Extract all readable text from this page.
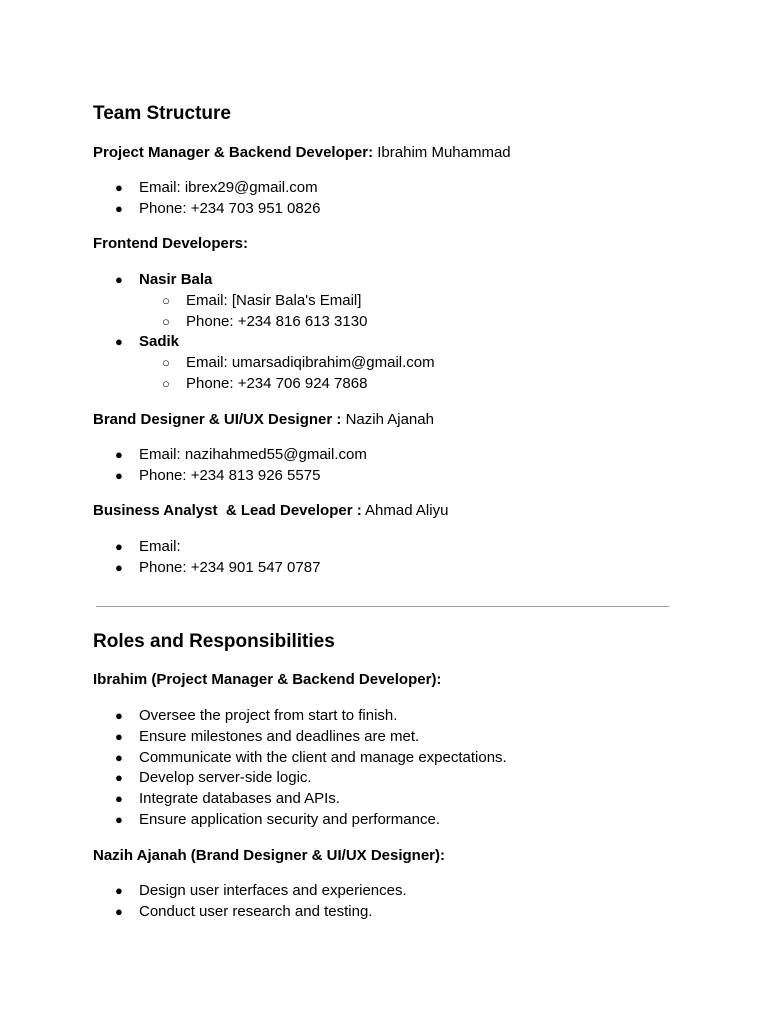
Team Structure

Project Manager & Backend Developer: Ibrahim Muhammad

● Email: ibrex29@gmail.com
● Phone: +234 703 951 0826

Frontend Developers:

● Nasir Bala
○ Email: [Nasir Bala's Email]
○ Phone: +234 816 613 3130
● Sadik
○ Email: umarsadiqibrahim@gmail.com
○ Phone: +234 706 924 7868

Brand Designer & UI/UX Designer : Nazih Ajanah

● Email: nazihahmed55@gmail.com
● Phone: +234 813 926 5575

Business Analyst  & Lead Developer : Ahmad Aliyu

● Email:
● Phone: +234 901 547 0787
Roles and Responsibilities

Ibrahim (Project Manager & Backend Developer):

● Oversee the project from start to finish.
● Ensure milestones and deadlines are met.
● Communicate with the client and manage expectations.
● Develop server-side logic.
● Integrate databases and APIs.
● Ensure application security and performance.

Nazih Ajanah (Brand Designer & UI/UX Designer):

● Design user interfaces and experiences.
● Conduct user research and testing.
